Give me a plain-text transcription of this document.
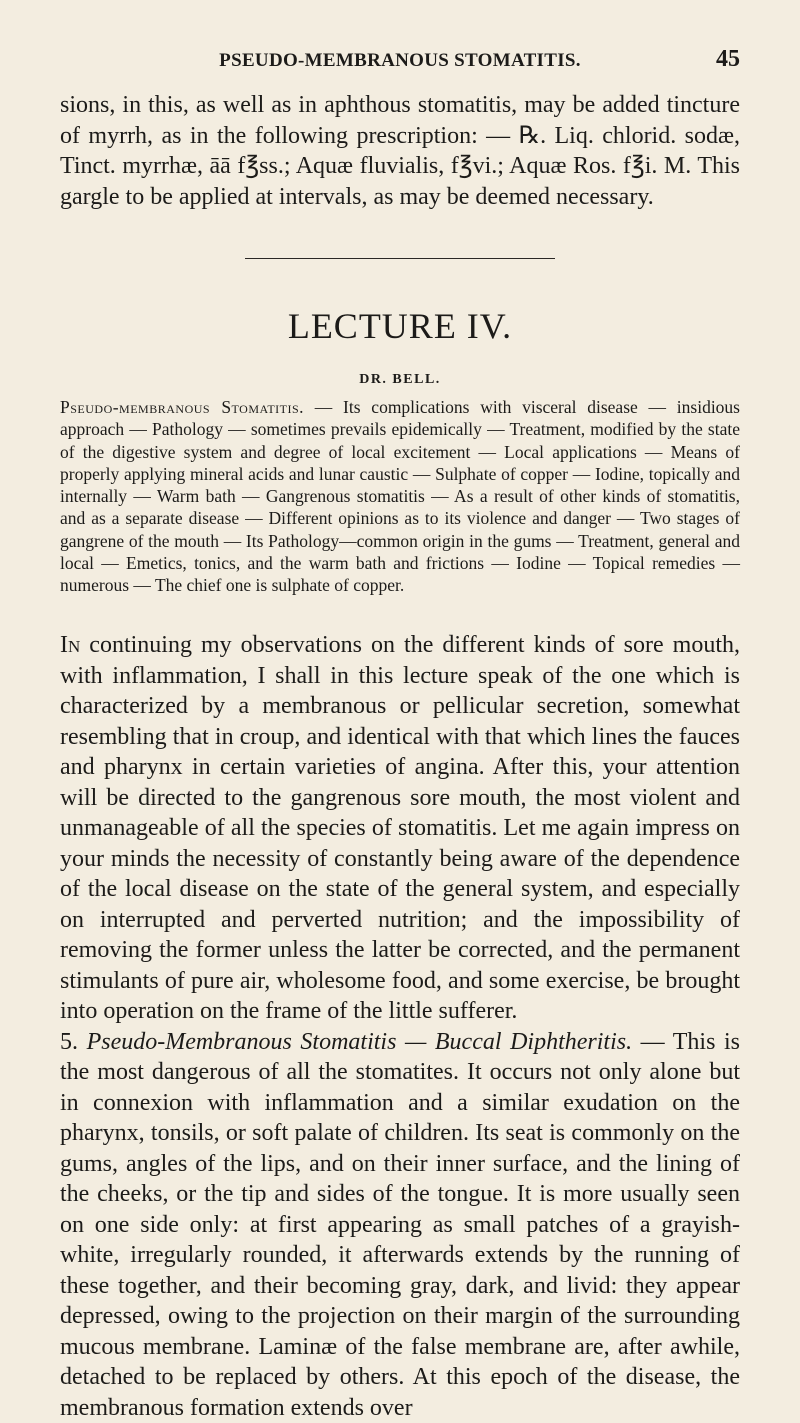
PSEUDO-MEMBRANOUS STOMATITIS.	45

sions, in this, as well as in aphthous stomatitis, may be added tincture of myrrh, as in the following prescription: — ℞. Liq. chlorid. sodæ, Tinct. myrrhæ, āā f℥ss.; Aquæ fluvialis, f℥vi.; Aquæ Ros. f℥i. M. This gargle to be applied at intervals, as may be deemed necessary.

LECTURE IV.
DR. BELL.
Pseudo-membranous Stomatitis. — Its complications with visceral disease — insidious approach — Pathology — sometimes prevails epidemically — Treatment, modified by the state of the digestive system and degree of local excitement — Local applications — Means of properly applying mineral acids and lunar caustic — Sulphate of copper — Iodine, topically and internally — Warm bath — Gangrenous stomatitis — As a result of other kinds of stomatitis, and as a separate disease — Different opinions as to its violence and danger — Two stages of gangrene of the mouth — Its Pathology—common origin in the gums — Treatment, general and local — Emetics, tonics, and the warm bath and frictions — Iodine — Topical remedies — numerous — The chief one is sulphate of copper.

In continuing my observations on the different kinds of sore mouth, with inflammation, I shall in this lecture speak of the one which is characterized by a membranous or pellicular secretion, somewhat resembling that in croup, and identical with that which lines the fauces and pharynx in certain varieties of angina. After this, your attention will be directed to the gangrenous sore mouth, the most violent and unmanageable of all the species of stomatitis. Let me again impress on your minds the necessity of constantly being aware of the dependence of the local disease on the state of the general system, and especially on interrupted and perverted nutrition; and the impossibility of removing the former unless the latter be corrected, and the permanent stimulants of pure air, wholesome food, and some exercise, be brought into operation on the frame of the little sufferer.

5. Pseudo-Membranous Stomatitis — Buccal Diphtheritis. — This is the most dangerous of all the stomatites. It occurs not only alone but in connexion with inflammation and a similar exudation on the pharynx, tonsils, or soft palate of children. Its seat is commonly on the gums, angles of the lips, and on their inner surface, and the lining of the cheeks, or the tip and sides of the tongue. It is more usually seen on one side only: at first appearing as small patches of a grayish-white, irregularly rounded, it afterwards extends by the running of these together, and their becoming gray, dark, and livid: they appear depressed, owing to the projection on their margin of the surrounding mucous membrane. Laminæ of the false membrane are, after awhile, detached to be replaced by others. At this epoch of the disease, the membranous formation extends over
